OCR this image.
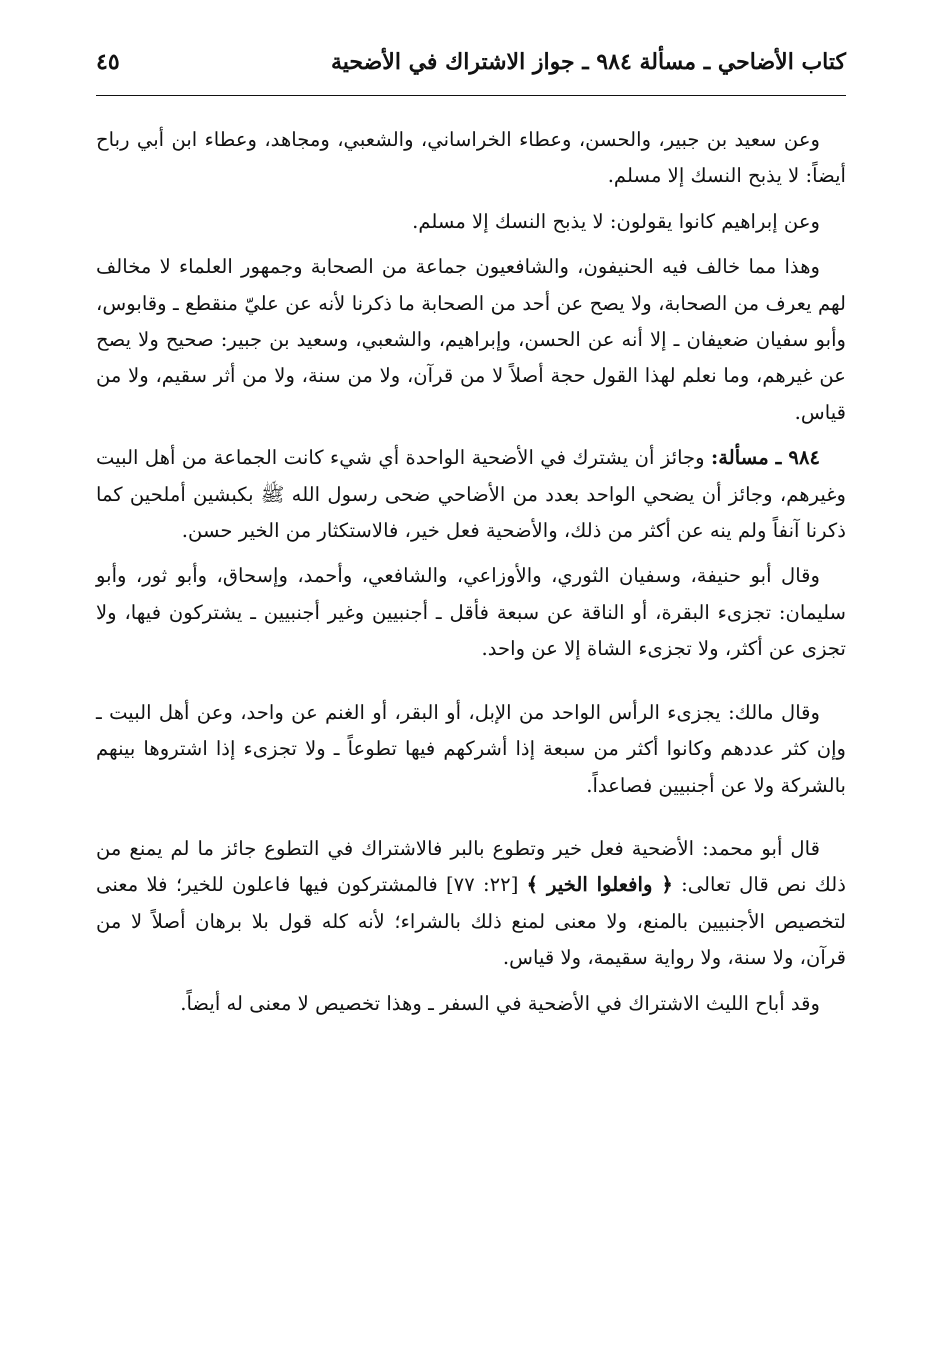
كتاب الأضاحي ـ مسألة ٩٨٤ ـ جواز الاشتراك في الأضحية
٤٥

وعن سعيد بن جبير، والحسن، وعطاء الخراساني، والشعبي، ومجاهد، وعطاء ابن أبي رباح أيضاً: لا يذبح النسك إلا مسلم.

وعن إبراهيم كانوا يقولون: لا يذبح النسك إلا مسلم.

وهذا مما خالف فيه الحنيفون، والشافعيون جماعة من الصحابة وجمهور العلماء لا مخالف لهم يعرف من الصحابة، ولا يصح عن أحد من الصحابة ما ذكرنا لأنه عن عليّ منقطع ـ وقابوس، وأبو سفيان ضعيفان ـ إلا أنه عن الحسن، وإبراهيم، والشعبي، وسعيد بن جبير: صحيح ولا يصح عن غيرهم، وما نعلم لهذا القول حجة أصلاً لا من قرآن، ولا من سنة، ولا من أثر سقيم، ولا من قياس.

٩٨٤ ـ مسألة: وجائز أن يشترك في الأضحية الواحدة أي شيء كانت الجماعة من أهل البيت وغيرهم، وجائز أن يضحي الواحد بعدد من الأضاحي ضحى رسول الله ﷺ بكبشين أملحين كما ذكرنا آنفاً ولم ينه عن أكثر من ذلك، والأضحية فعل خير، فالاستكثار من الخير حسن.

وقال أبو حنيفة، وسفيان الثوري، والأوزاعي، والشافعي، وأحمد، وإسحاق، وأبو ثور، وأبو سليمان: تجزىء البقرة، أو الناقة عن سبعة فأقل ـ أجنبيين وغير أجنبيين ـ يشتركون فيها، ولا تجزى عن أكثر، ولا تجزىء الشاة إلا عن واحد.

وقال مالك: يجزىء الرأس الواحد من الإبل، أو البقر، أو الغنم عن واحد، وعن أهل البيت ـ وإن كثر عددهم وكانوا أكثر من سبعة إذا أشركهم فيها تطوعاً ـ ولا تجزىء إذا اشتروها بينهم بالشركة ولا عن أجنبيين فصاعداً.

قال أبو محمد: الأضحية فعل خير وتطوع بالبر فالاشتراك في التطوع جائز ما لم يمنع من ذلك نص قال تعالى: ﴿ وافعلوا الخير ﴾ [٢٢: ٧٧] فالمشتركون فيها فاعلون للخير؛ فلا معنى لتخصيص الأجنبيين بالمنع، ولا معنى لمنع ذلك بالشراء؛ لأنه كله قول بلا برهان أصلاً لا من قرآن، ولا سنة، ولا رواية سقيمة، ولا قياس.

وقد أباح الليث الاشتراك في الأضحية في السفر ـ وهذا تخصيص لا معنى له أيضاً.
